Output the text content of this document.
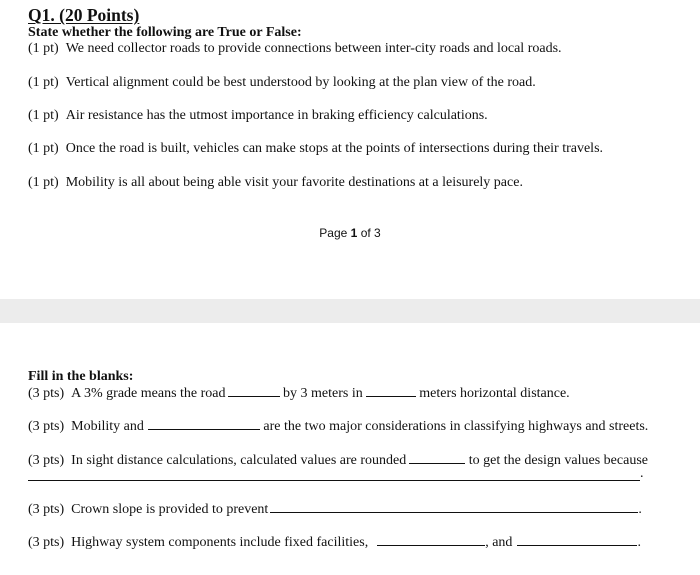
Q1. (20 Points)
State whether the following are True or False:
(1 pt) We need collector roads to provide connections between inter-city roads and local roads.
(1 pt) Vertical alignment could be best understood by looking at the plan view of the road.
(1 pt) Air resistance has the utmost importance in braking efficiency calculations.
(1 pt) Once the road is built, vehicles can make stops at the points of intersections during their travels.
(1 pt) Mobility is all about being able visit your favorite destinations at a leisurely pace.
Page 1 of 3
Fill in the blanks:
(3 pts) A 3% grade means the road	by 3 meters in	meters horizontal distance.
(3 pts) Mobility and	are the two major considerations in classifying highways and streets.
(3 pts) In sight distance calculations, calculated values are rounded	to get the design values because
.
(3 pts) Crown slope is provided to prevent	.
(3 pts) Highway system components include fixed facilities,	, and	.
